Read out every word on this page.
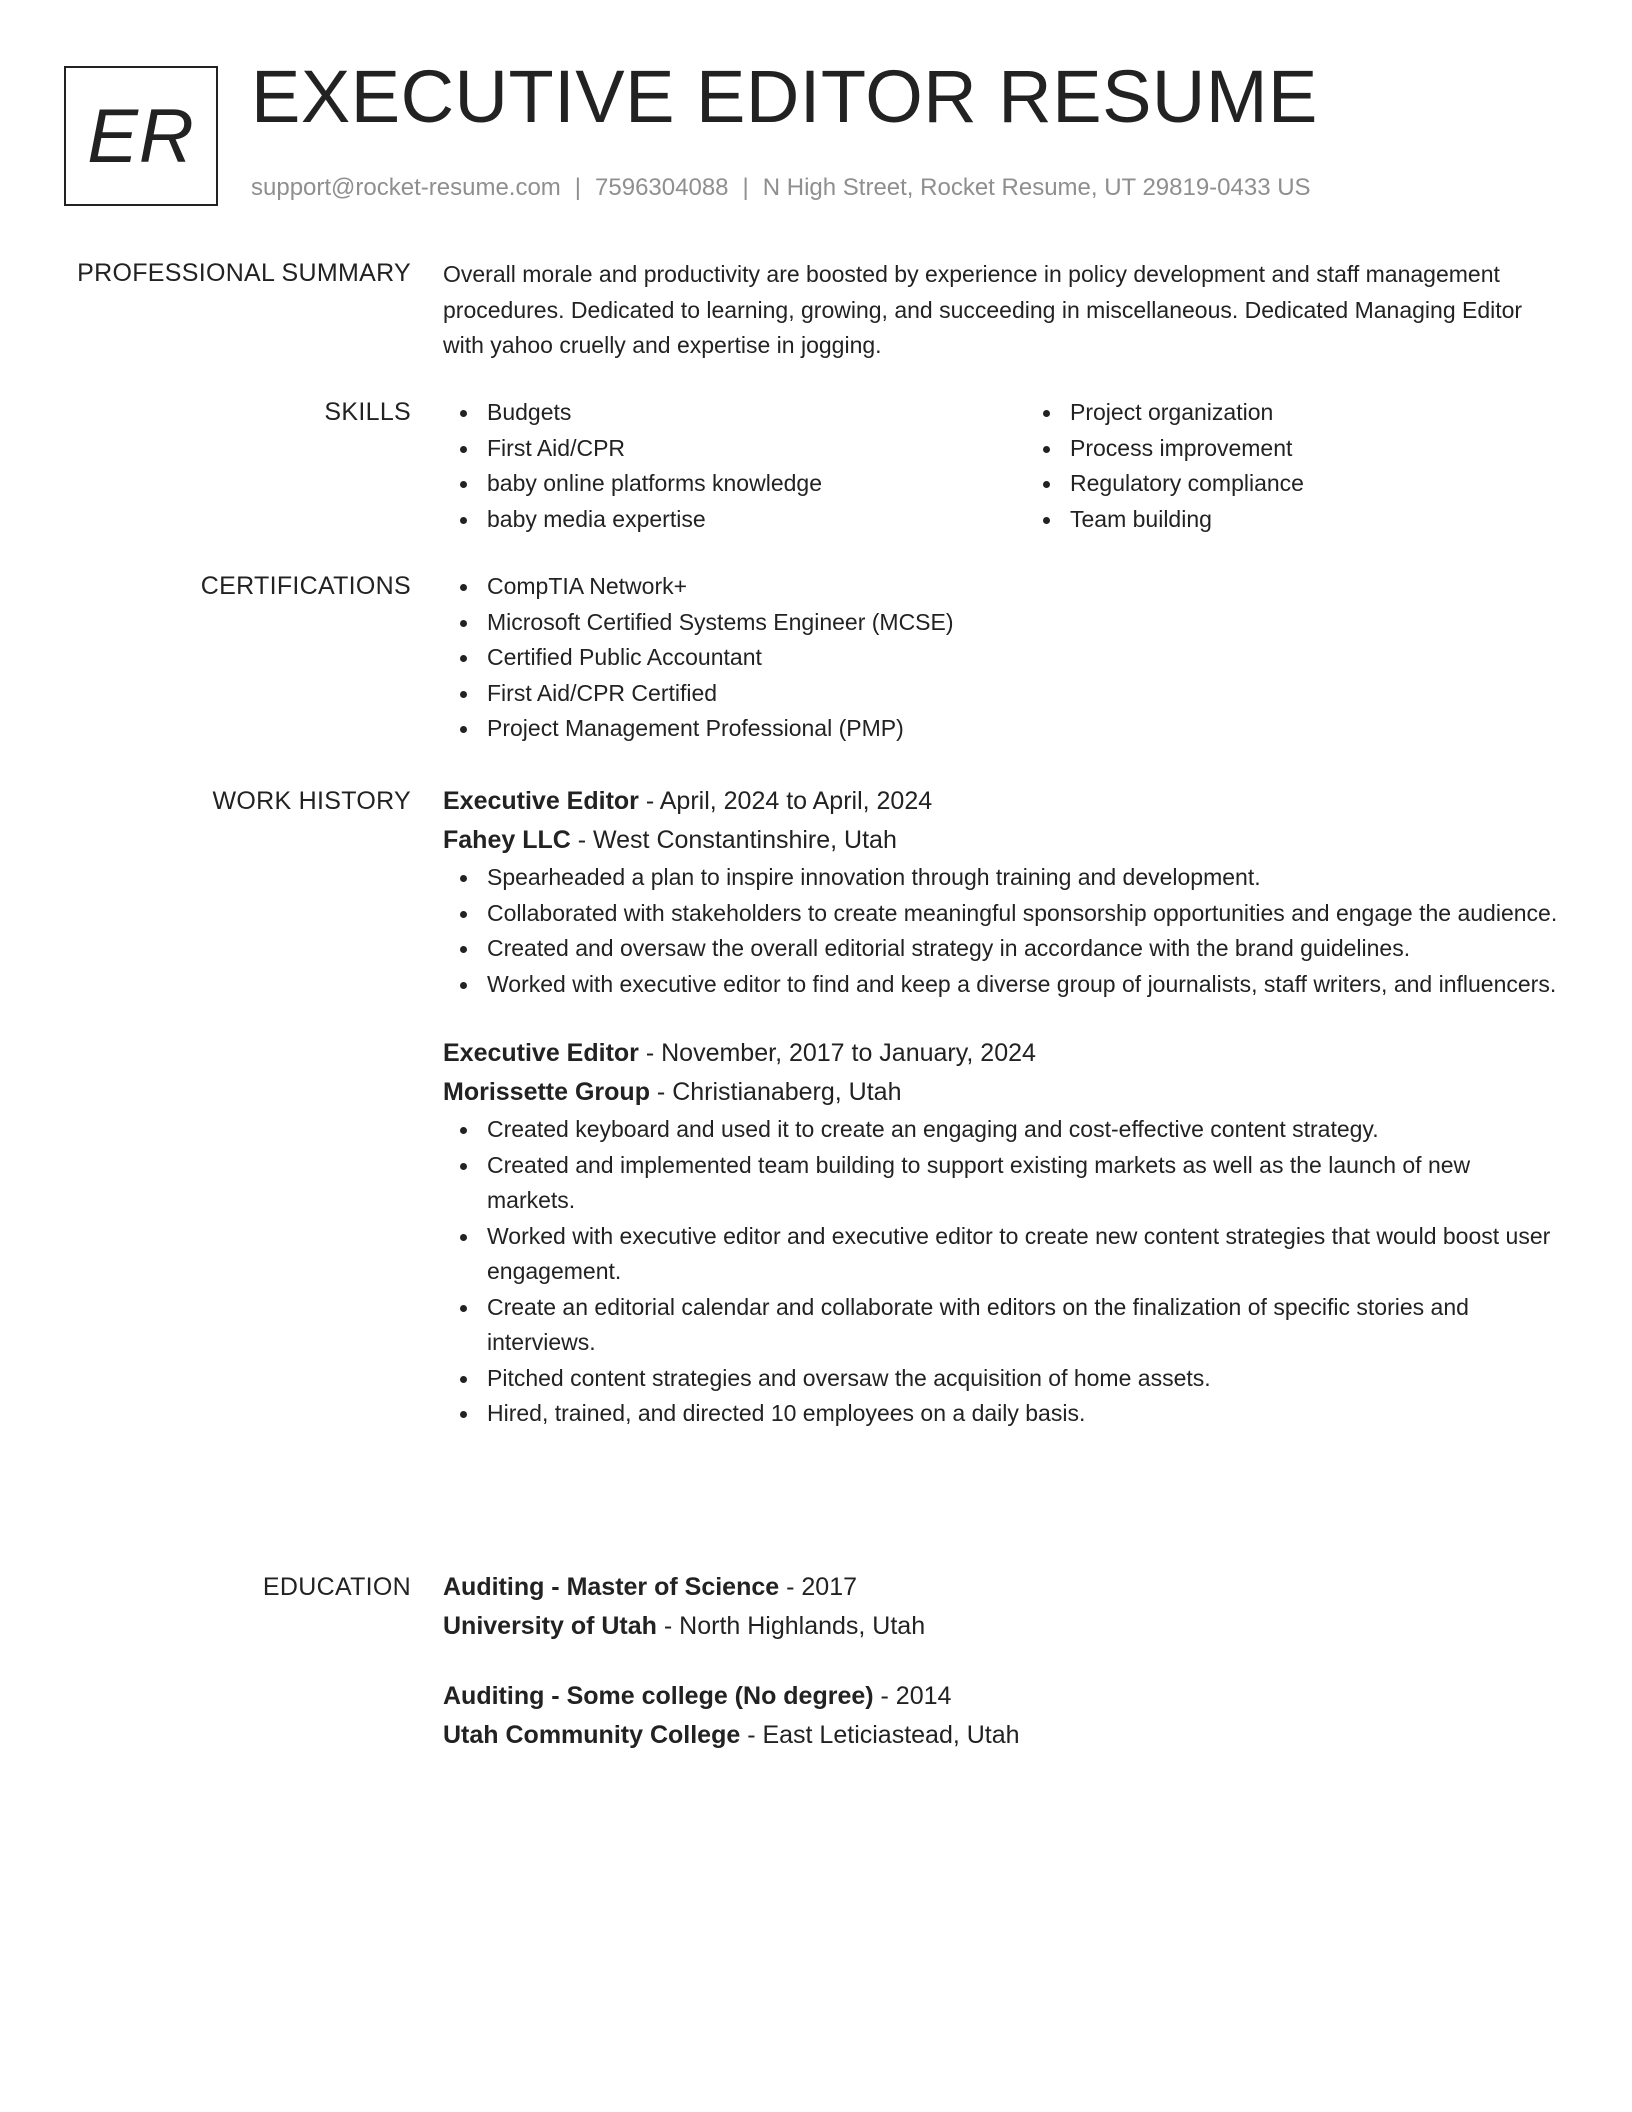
ER EXECUTIVE EDITOR RESUME
support@rocket-resume.com | 7596304088 | N High Street, Rocket Resume, UT 29819-0433 US
PROFESSIONAL SUMMARY Overall morale and productivity are boosted by experience in policy development and staff management procedures. Dedicated to learning, growing, and succeeding in miscellaneous. Dedicated Managing Editor with yahoo cruelly and expertise in jogging.

SKILLS	Budgets
First Aid/CPR
baby online platforms knowledge
baby media expertise
Project organization
Process improvement
Regulatory compliance
Team building
CERTIFICATIONS	CompTIA Network+
Microsoft Certified Systems Engineer (MCSE)
Certified Public Accountant
First Aid/CPR Certified
Project Management Professional (PMP)
WORK HISTORY Executive Editor - April, 2024 to April, 2024
Fahey LLC - West Constantinshire, Utah
Spearheaded a plan to inspire innovation through training and development.
Collaborated with stakeholders to create meaningful sponsorship opportunities and engage the audience.
Created and oversaw the overall editorial strategy in accordance with the brand guidelines.
Worked with executive editor to find and keep a diverse group of journalists, staff writers, and influencers.
Executive Editor - November, 2017 to January, 2024
Morissette Group - Christianaberg, Utah
Created keyboard and used it to create an engaging and cost-effective content strategy.
Created and implemented team building to support existing markets as well as the launch of new markets.
Worked with executive editor and executive editor to create new content strategies that would boost user engagement.
Create an editorial calendar and collaborate with editors on the finalization of specific stories and interviews.
Pitched content strategies and oversaw the acquisition of home assets.
Hired, trained, and directed 10 employees on a daily basis.
EDUCATION Auditing - Master of Science - 2017
University of Utah - North Highlands, Utah
Auditing - Some college (No degree) - 2014
Utah Community College - East Leticiastead, Utah
